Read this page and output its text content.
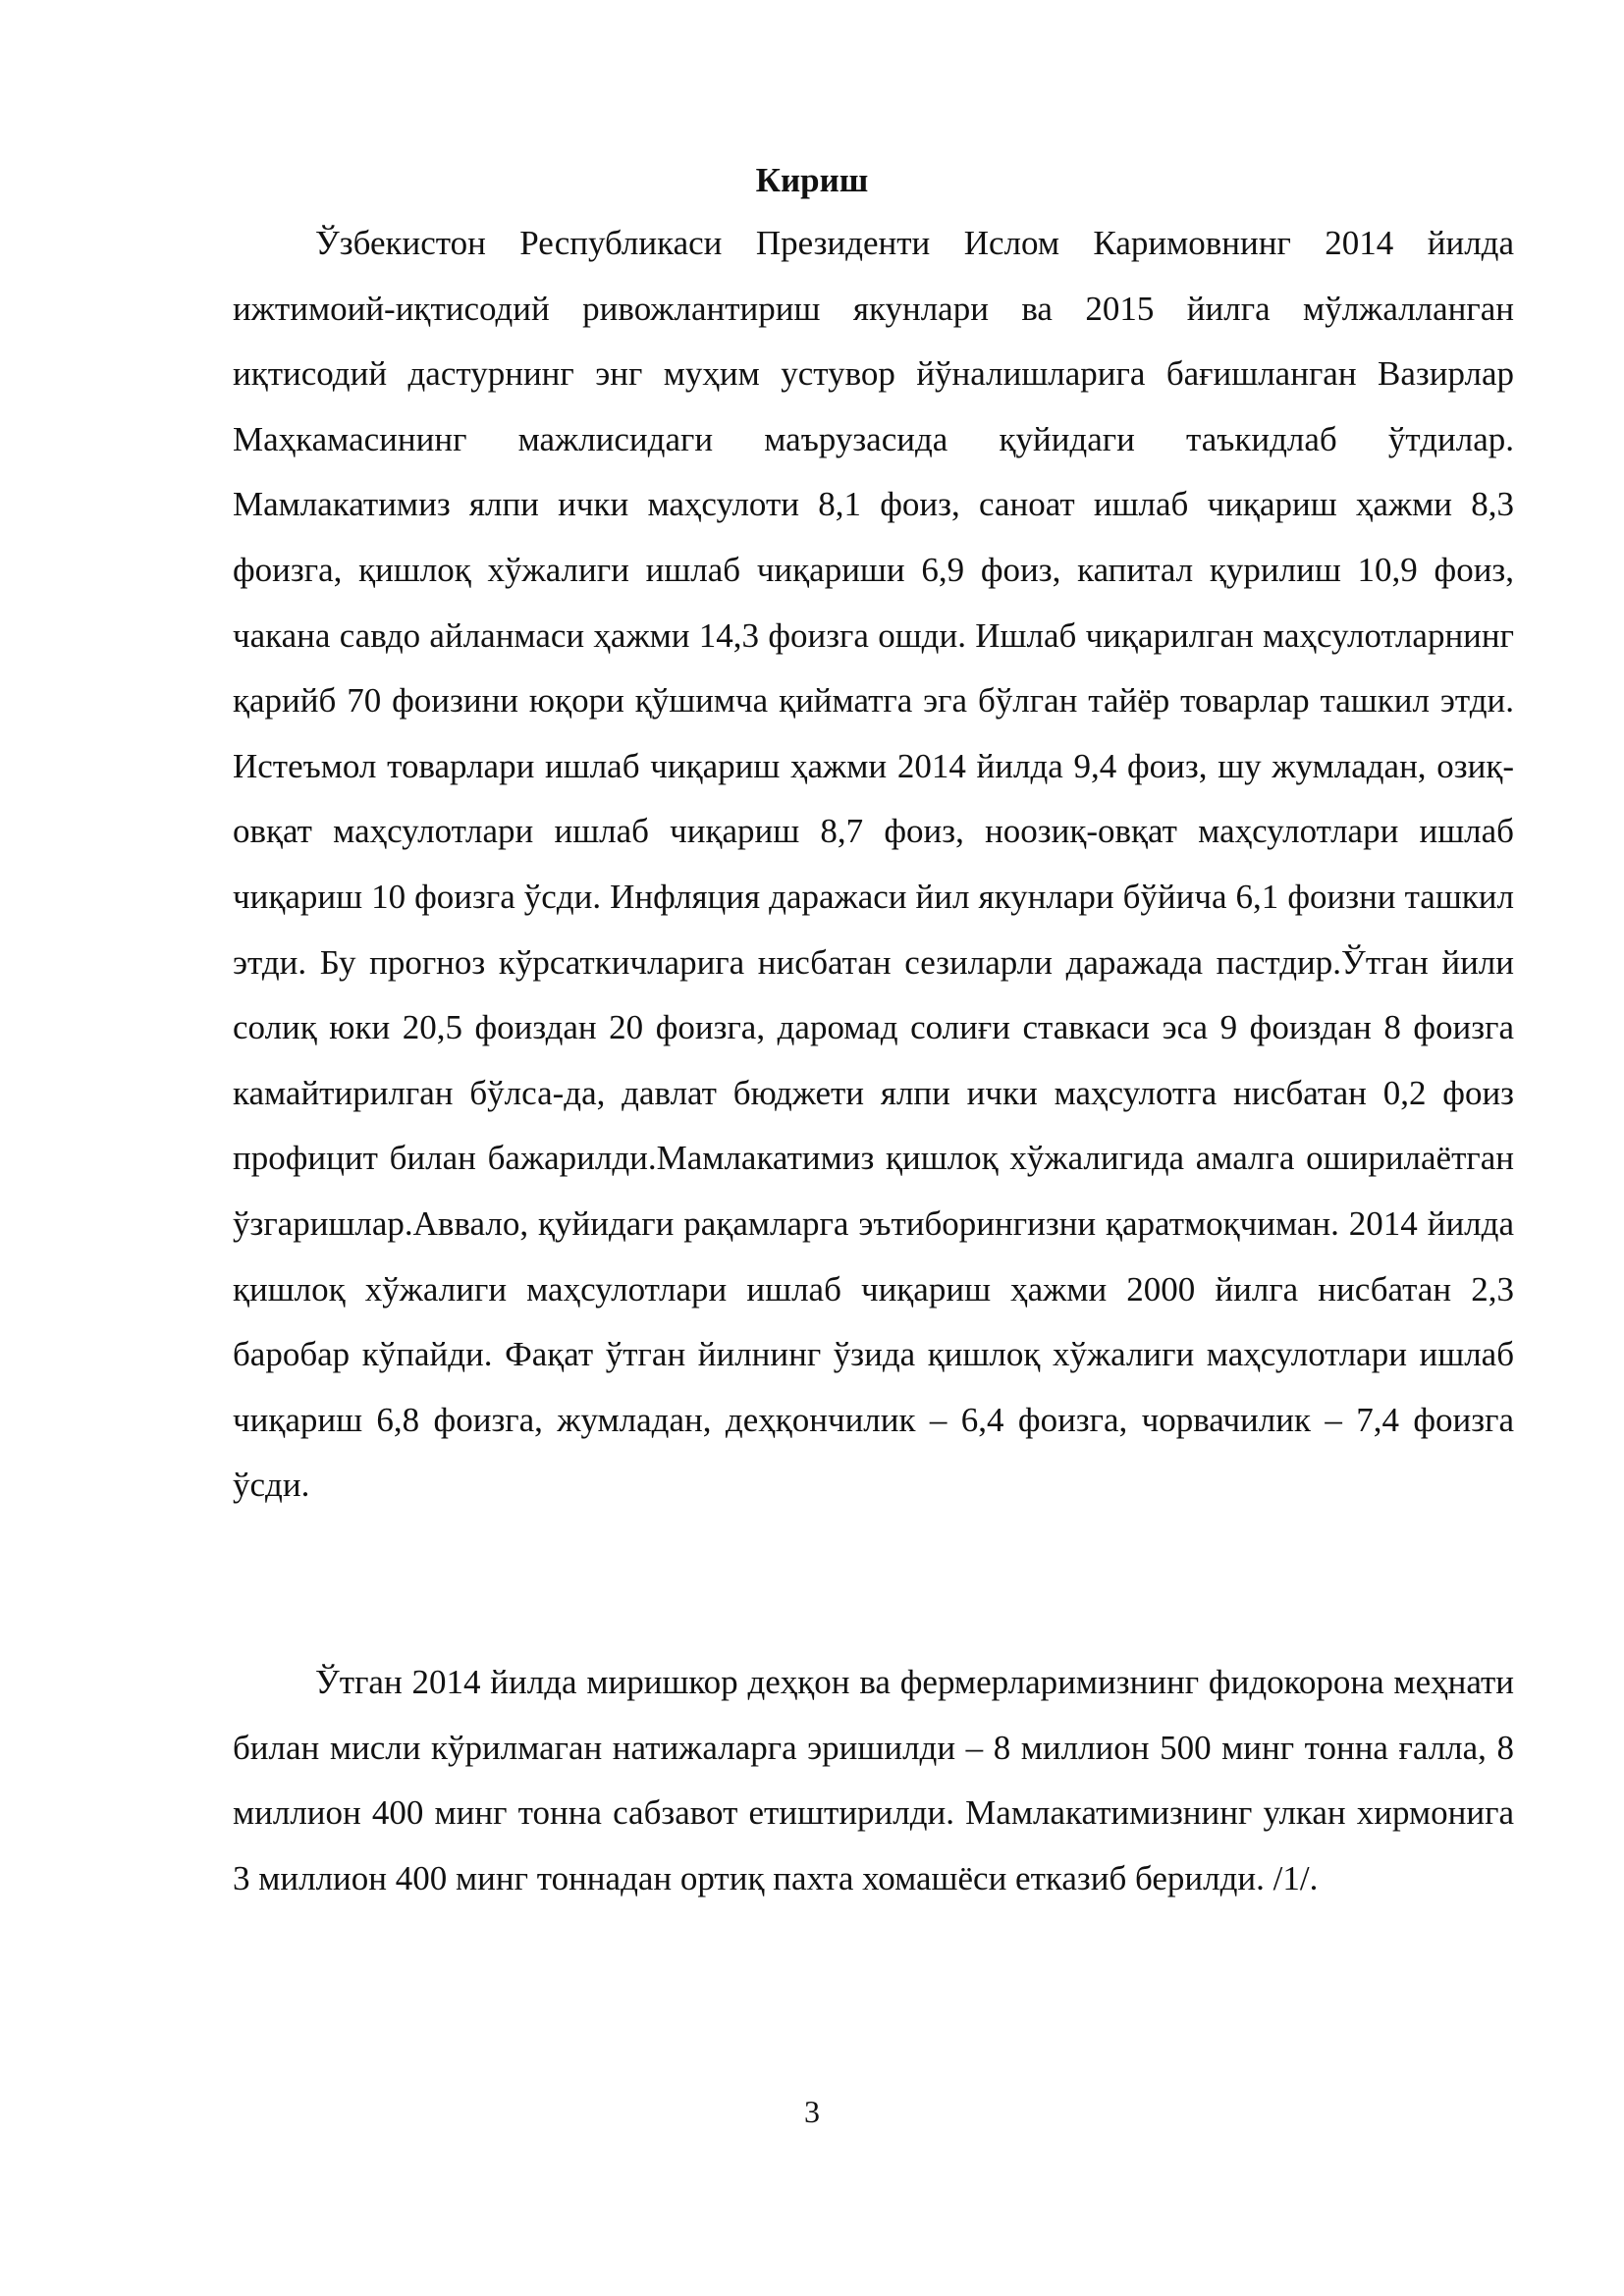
Кириш

Ўзбекистон Республикаси Президенти Ислом Каримовнинг 2014 йилда ижтимоий-иқтисодий ривожлантириш якунлари ва 2015 йилга мўлжалланган иқтисодий дастурнинг энг муҳим устувор йўналишларига бағишланган Вазирлар Маҳкамасининг мажлисидаги маърузасида қуйидаги таъкидлаб ўтдилар. Мамлакатимиз ялпи ички маҳсулоти 8,1 фоиз, саноат ишлаб чиқариш ҳажми 8,3 фоизга, қишлоқ хўжалиги ишлаб чиқариши 6,9 фоиз, капитал қурилиш 10,9 фоиз, чакана савдо айланмаси ҳажми 14,3 фоизга ошди. Ишлаб чиқарилган маҳсулотларнинг қарийб 70 фоизини юқори қўшимча қийматга эга бўлган тайёр товарлар ташкил этди. Истеъмол товарлари ишлаб чиқариш ҳажми 2014 йилда 9,4 фоиз, шу жумладан, озиқ-овқат маҳсулотлари ишлаб чиқариш 8,7 фоиз, ноозиқ-овқат маҳсулотлари ишлаб чиқариш 10 фоизга ўсди. Инфляция даражаси йил якунлари бўйича 6,1 фоизни ташкил этди. Бу прогноз кўрсаткичларига нисбатан сезиларли даражада пастдир.Ўтган йили солиқ юки 20,5 фоиздан 20 фоизга, даромад солиғи ставкаси эса 9 фоиздан 8 фоизга камайтирилган бўлса-да, давлат бюджети ялпи ички маҳсулотга нисбатан 0,2 фоиз профицит билан бажарилди.Мамлакатимиз қишлоқ хўжалигида амалга оширилаётган ўзгаришлар.Аввало, қуйидаги рақамларга эътиборингизни қаратмоқчиман. 2014 йилда қишлоқ хўжалиги маҳсулотлари ишлаб чиқариш ҳажми 2000 йилга нисбатан 2,3 баробар кўпайди. Фақат ўтган йилнинг ўзида қишлоқ хўжалиги маҳсулотлари ишлаб чиқариш 6,8 фоизга, жумладан, деҳқончилик – 6,4 фоизга, чорвачилик – 7,4 фоизга ўсди.

Ўтган 2014 йилда миришкор деҳқон ва фермерларимизнинг фидокорона меҳнати билан мисли кўрилмаган натижаларга эришилди – 8 миллион 500 минг тонна ғалла, 8 миллион 400 минг тонна сабзавот етиштирилди. Мамлакатимизнинг улкан хирмонига 3 миллион 400 минг тоннадан ортиқ пахта хомашёси етказиб берилди. /1/.

3
